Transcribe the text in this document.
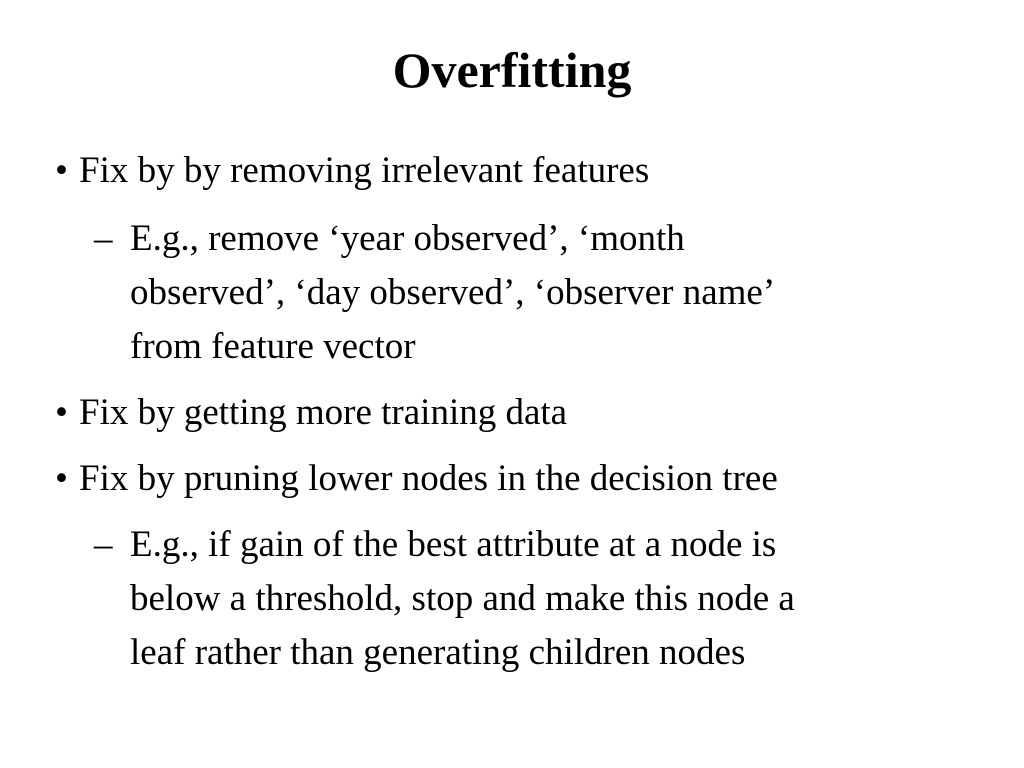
Overfitting
• Fix by by removing irrelevant features
– E.g., remove ‘year observed’, ‘month
observed’, ‘day observed’, ‘observer name’
from feature vector
• Fix by getting more training data
• Fix by pruning lower nodes in the decision tree
– E.g., if gain of the best attribute at a node is
below a threshold, stop and make this node a
leaf rather than generating children nodes
